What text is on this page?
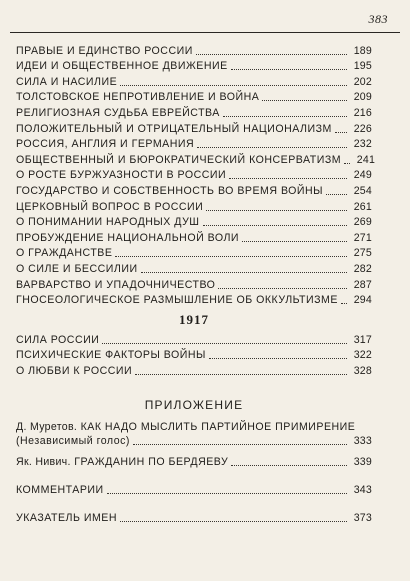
383
ПРАВЫЕ И ЕДИНСТВО РОССИИ	189
ИДЕИ И ОБЩЕСТВЕННОЕ ДВИЖЕНИЕ	195
СИЛА И НАСИЛИЕ	202
ТОЛСТОВСКОЕ НЕПРОТИВЛЕНИЕ И ВОЙНА	209
РЕЛИГИОЗНАЯ СУДЬБА ЕВРЕЙСТВА	216
ПОЛОЖИТЕЛЬНЫЙ И ОТРИЦАТЕЛЬНЫЙ НАЦИОНАЛИЗМ	226
РОССИЯ, АНГЛИЯ И ГЕРМАНИЯ	232
ОБЩЕСТВЕННЫЙ И БЮРОКРАТИЧЕСКИЙ КОНСЕРВАТИЗМ	241
О РОСТЕ БУРЖУАЗНОСТИ В РОССИИ	249
ГОСУДАРСТВО И СОБСТВЕННОСТЬ ВО ВРЕМЯ ВОЙНЫ	254
ЦЕРКОВНЫЙ ВОПРОС В РОССИИ	261
О ПОНИМАНИИ НАРОДНЫХ ДУШ	269
ПРОБУЖДЕНИЕ НАЦИОНАЛЬНОЙ ВОЛИ	271
О ГРАЖДАНСТВЕ	275
О СИЛЕ И БЕССИЛИИ	282
ВАРВАРСТВО И УПАДОЧНИЧЕСТВО	287
ГНОСЕОЛОГИЧЕСКОЕ РАЗМЫШЛЕНИЕ ОБ ОККУЛЬТИЗМЕ	294
1917
СИЛА РОССИИ	317
ПСИХИЧЕСКИЕ ФАКТОРЫ ВОЙНЫ	322
О ЛЮБВИ К РОССИИ	328
ПРИЛОЖЕНИЕ
Д. Муретов. КАК НАДО МЫСЛИТЬ ПАРТИЙНОЕ ПРИМИРЕНИЕ
(Независимый голос)	333
Як. Нивич. ГРАЖДАНИН ПО БЕРДЯЕВУ	339
КОММЕНТАРИИ	343
УКАЗАТЕЛЬ ИМЕН	373
